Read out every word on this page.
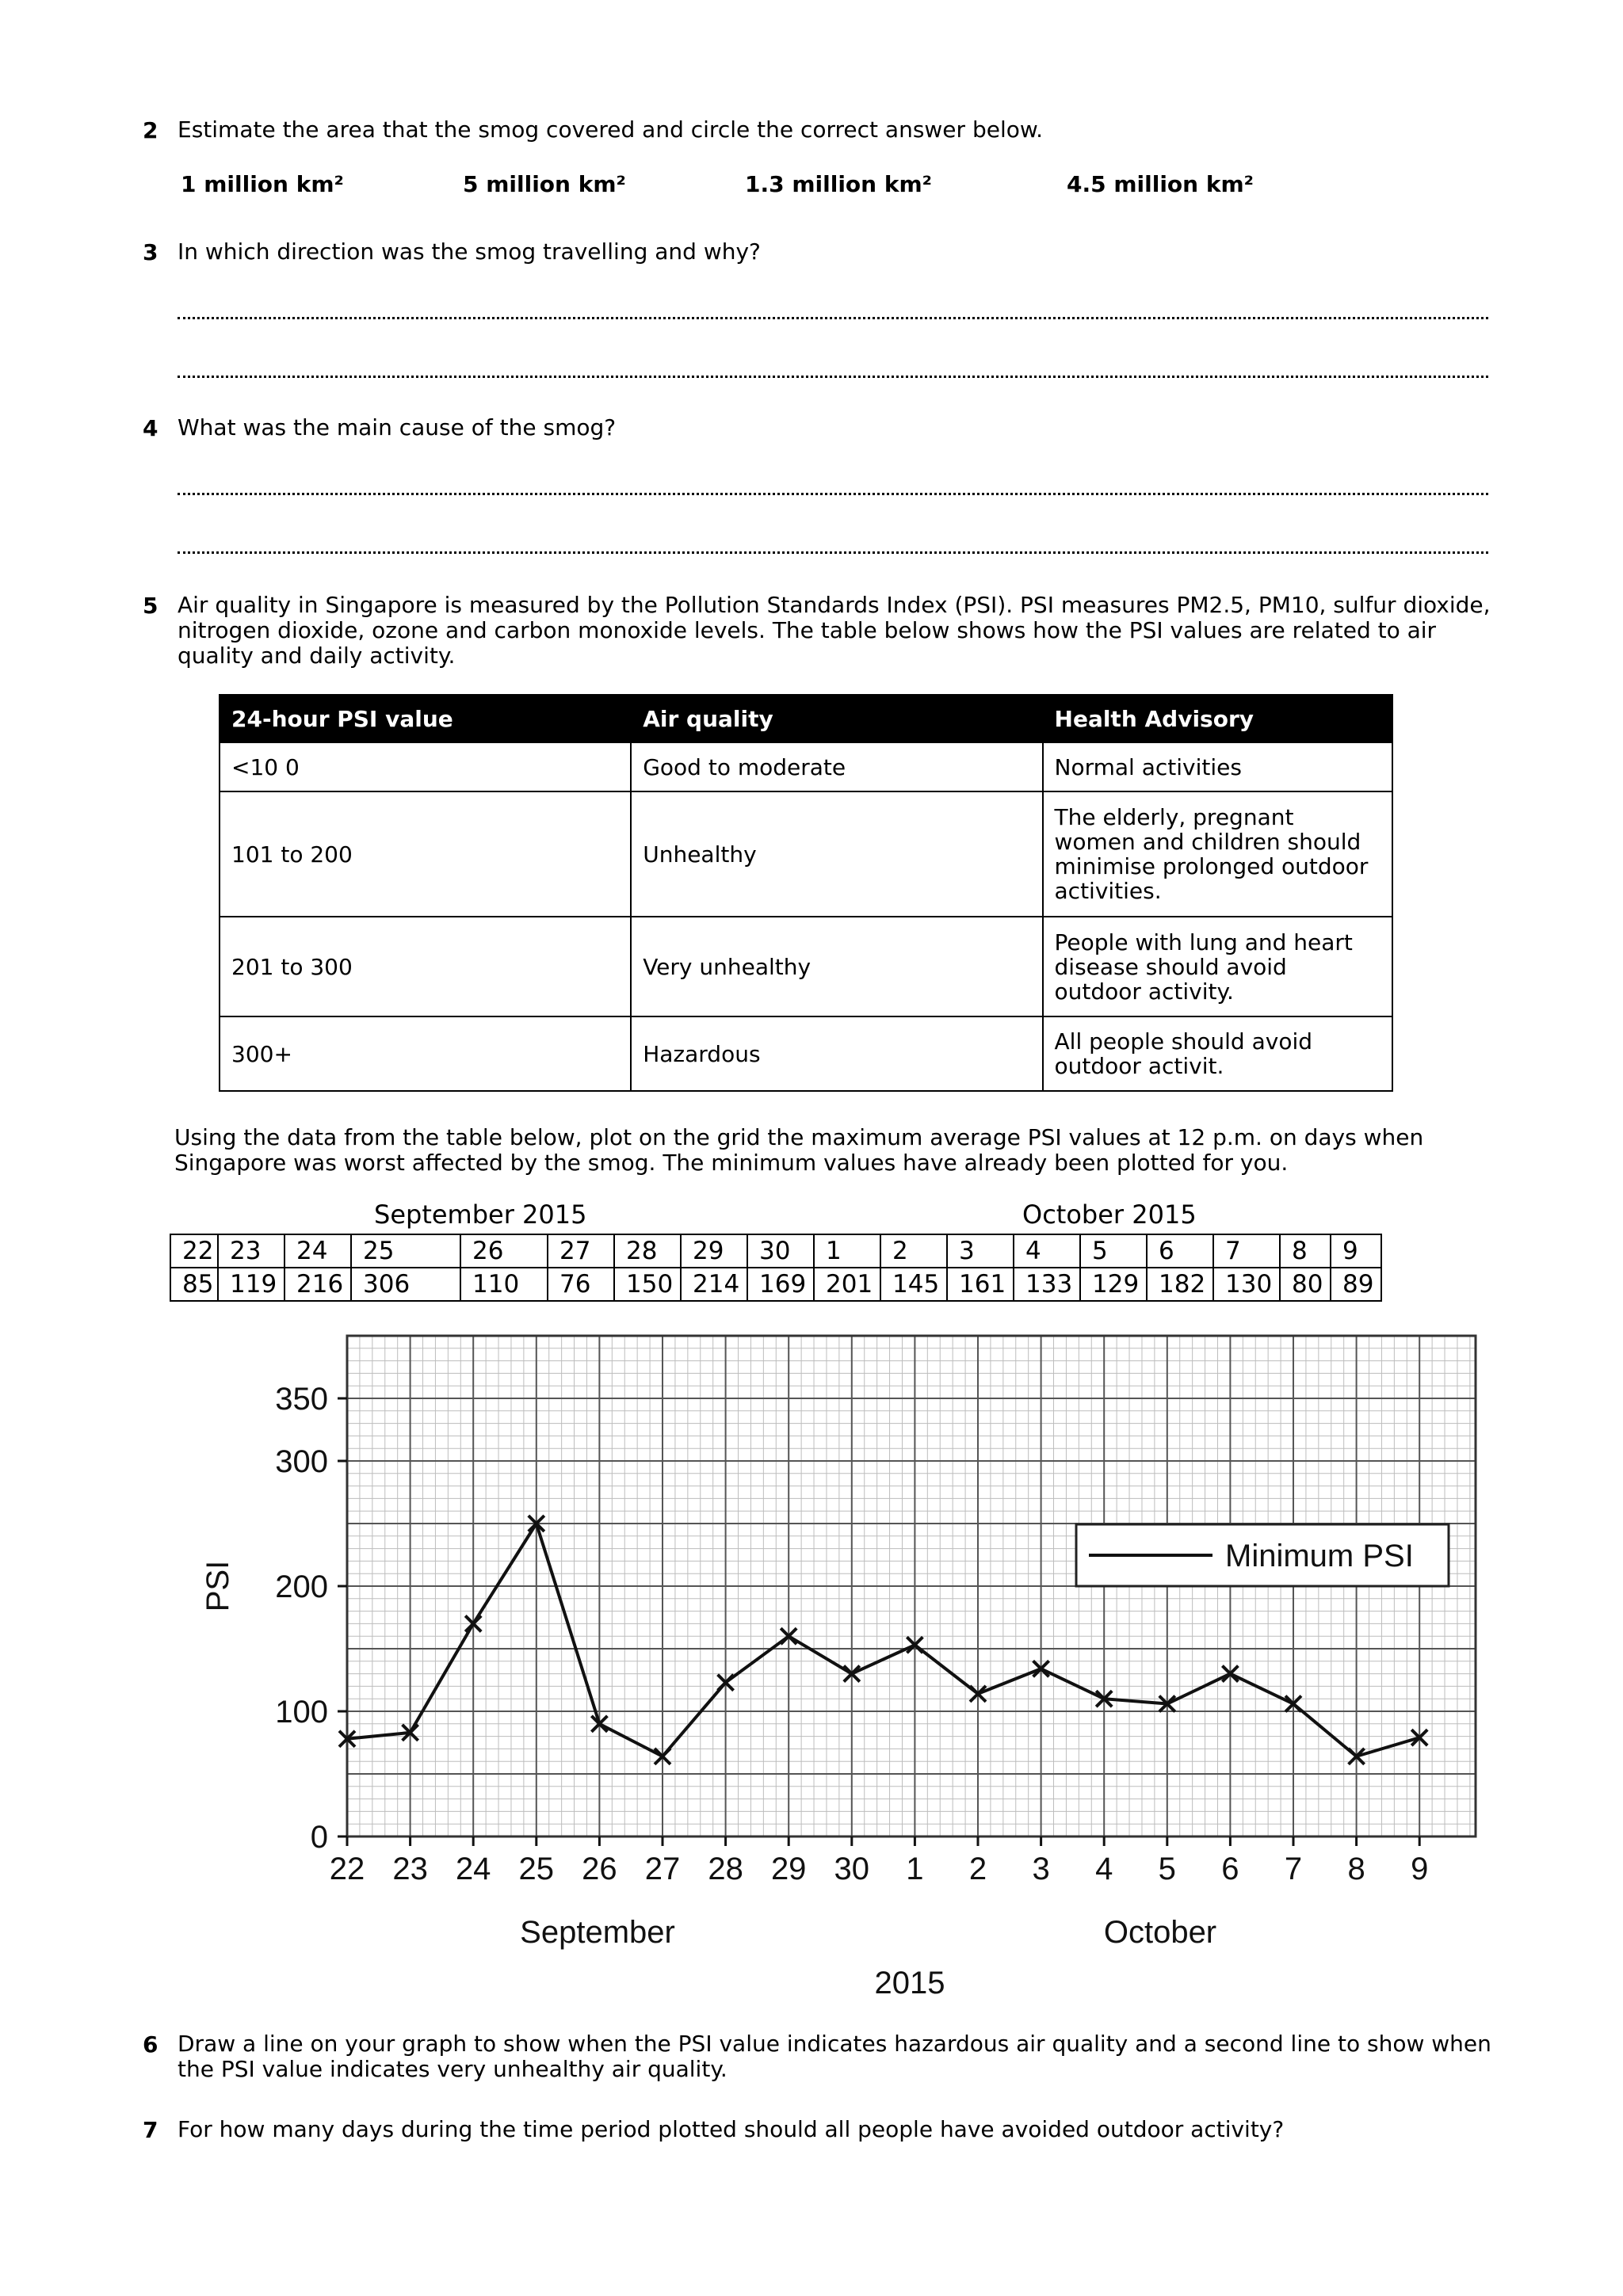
2 Estimate the area that the smog covered and circle the correct answer below.
1 million km²	5 million km²	1.3 million km²	4.5 million km²
3 In which direction was the smog travelling and why?
4 What was the main cause of the smog?
5 Air quality in Singapore is measured by the Pollution Standards Index (PSI). PSI measures PM2.5, PM10, sulfur dioxide, nitrogen dioxide, ozone and carbon monoxide levels. The table below shows how the PSI values are related to air quality and daily activity.
24-hour PSI value	Air quality	Health Advisory
<10 0	Good to moderate	Normal activities
101 to 200	Unhealthy	The elderly, pregnant women and children should minimise prolonged outdoor activities.
201 to 300	Very unhealthy	People with lung and heart disease should avoid outdoor activity.
300+	Hazardous	All people should avoid outdoor activit.
Using the data from the table below, plot on the grid the maximum average PSI values at 12 p.m. on days when Singapore was worst affected by the smog. The minimum values have already been plotted for you.
September 2015	October 2015
22	23	24	25	26	27	28	29	30	1	2	3	4	5	6	7	8	9
85	119	216	306	110	76	150	214	169	201	145	161	133	129	182	130	80	89
0
100
200
300
350
22 23 24 25 26 27 28 29 30 1 2 3 4 5 6 7 8 9
PSI
September	October
2015
Minimum PSI
6 Draw a line on your graph to show when the PSI value indicates hazardous air quality and a second line to show when the PSI value indicates very unhealthy air quality.
7 For how many days during the time period plotted should all people have avoided outdoor activity?
